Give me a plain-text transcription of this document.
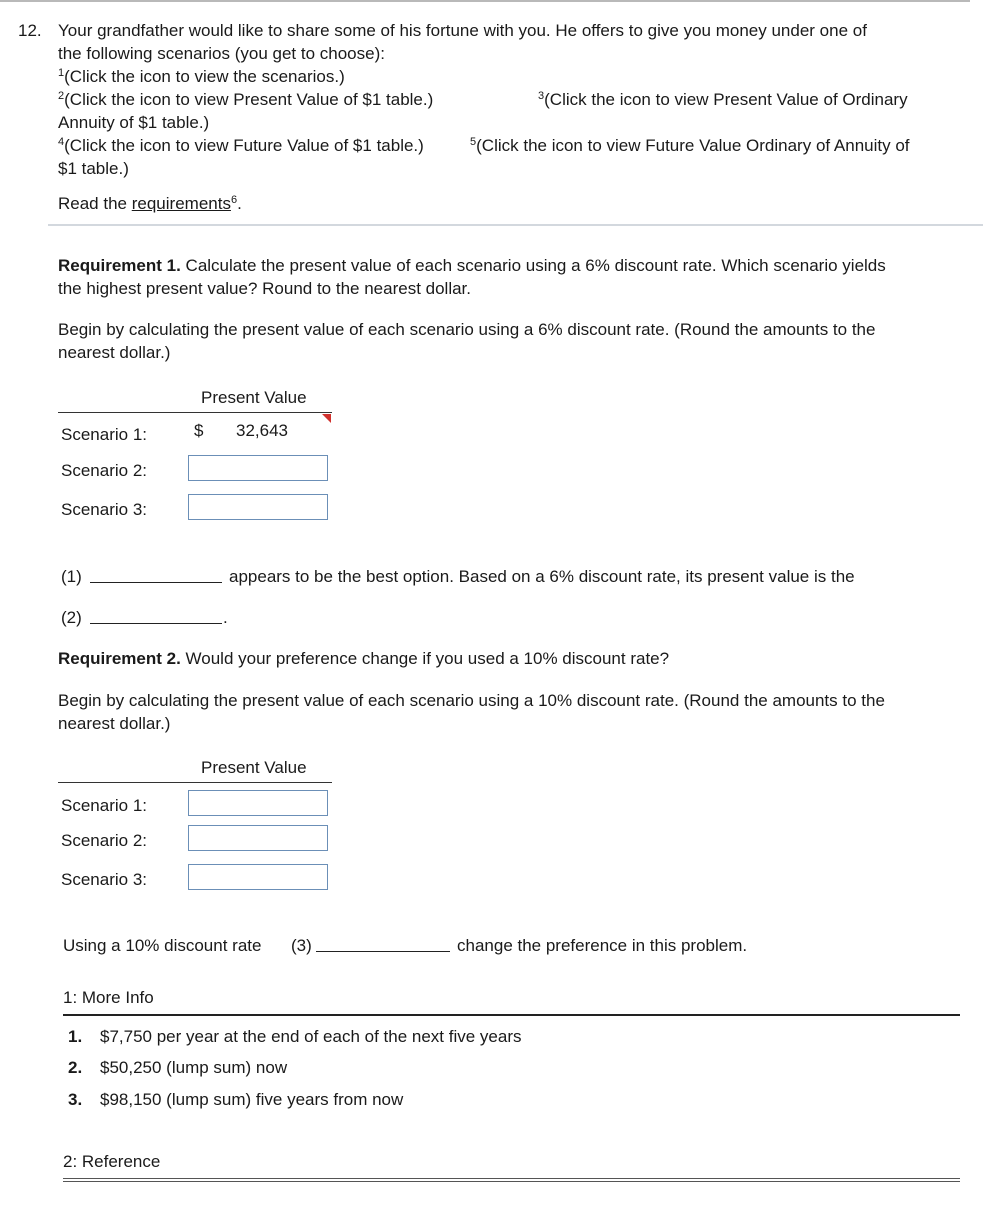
12. Your grandfather would like to share some of his fortune with you. He offers to give you money under one of
the following scenarios (you get to choose):
$^1$(Click the icon to view the scenarios.)
$^2$(Click the icon to view Present Value of $1 table.)	$^3$(Click the icon to view Present Value of Ordinary
Annuity of $1 table.)
$^4$(Click the icon to view Future Value of $1 table.)	$^5$(Click the icon to view Future Value Ordinary of Annuity of
$1 table.)
Read the requirements$^6$.
Requirement 1. Calculate the present value of each scenario using a 6% discount rate. Which scenario yields
the highest present value? Round to the nearest dollar.
Begin by calculating the present value of each scenario using a 6% discount rate. (Round the amounts to the
nearest dollar.)
Present Value
Scenario 1:	$ 32,643
Scenario 2:
Scenario 3:
(1)	appears to be the best option. Based on a 6% discount rate, its present value is the
(2)	.
Requirement 2. Would your preference change if you used a 10% discount rate?
Begin by calculating the present value of each scenario using a 10% discount rate. (Round the amounts to the
nearest dollar.)
Present Value
Scenario 1:
Scenario 2:
Scenario 3:
Using a 10% discount rate (3)	change the preference in this problem.
1: More Info
1. $7,750 per year at the end of each of the next five years
2. $50,250 (lump sum) now
3. $98,150 (lump sum) five years from now
2: Reference
